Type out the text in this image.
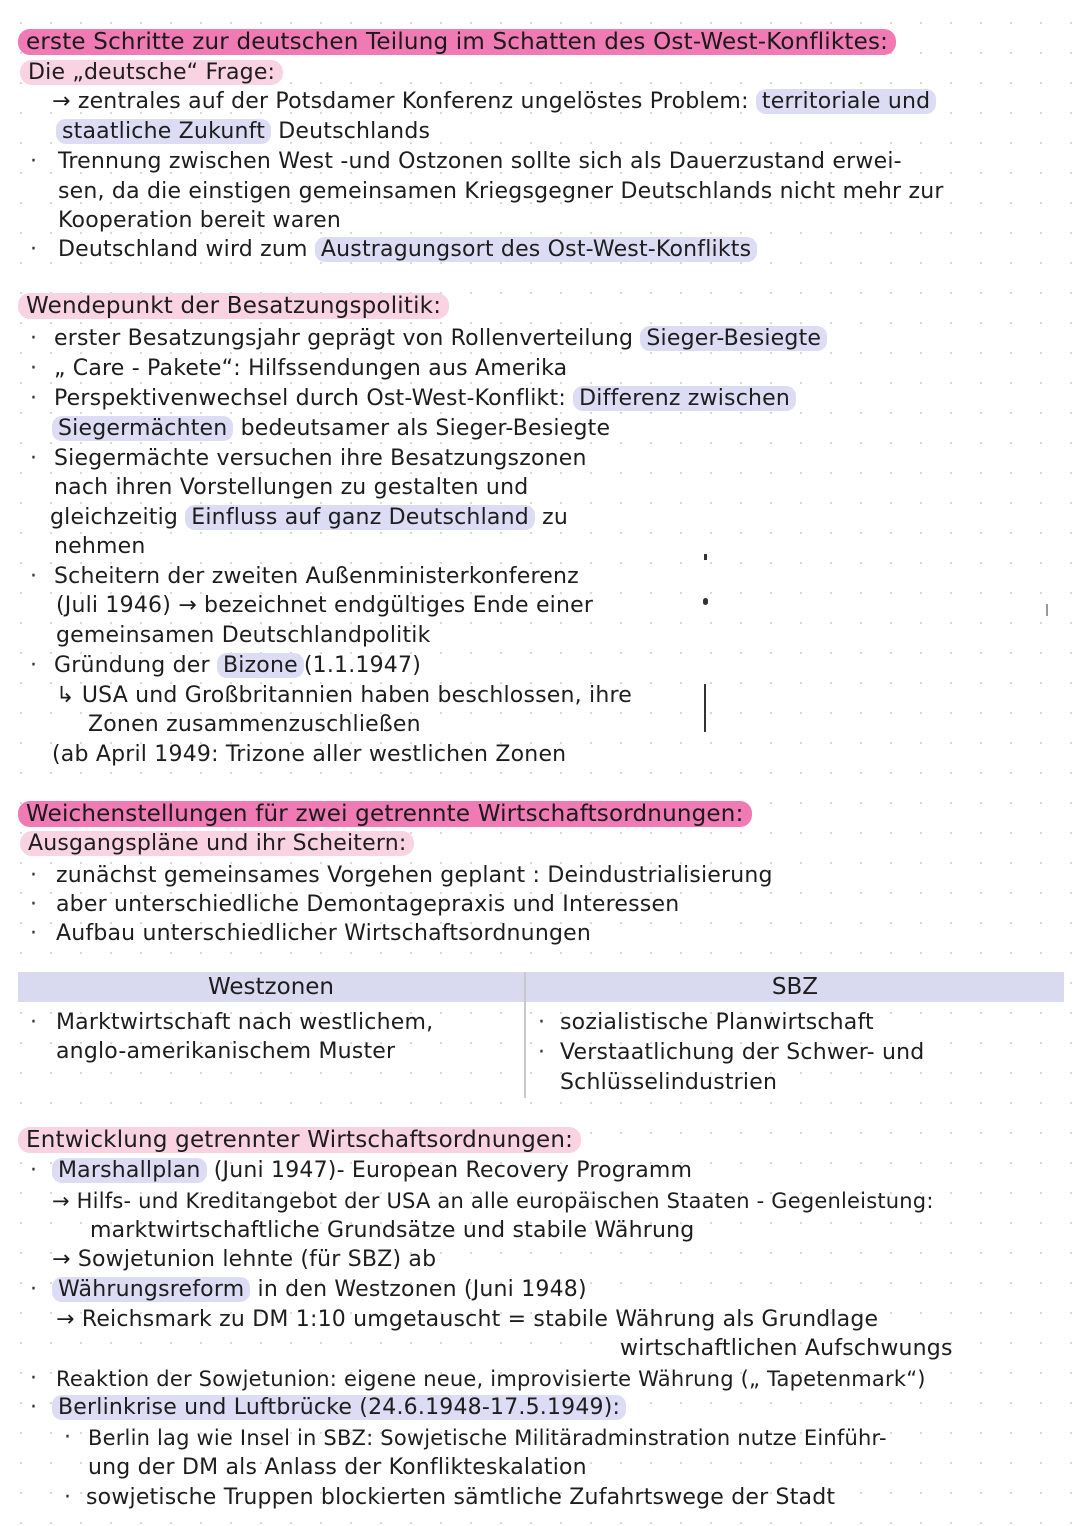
erste Schritte zur deutschen Teilung im Schatten des Ost-West-Konfliktes:
Die „deutsche“ Frage:
→ zentrales auf der Potsdamer Konferenz ungelöstes Problem: territoriale und
staatliche Zukunft Deutschlands
· Trennung zwischen West -und Ostzonen sollte sich als Dauerzustand erwei-
sen, da die einstigen gemeinsamen Kriegsgegner Deutschlands nicht mehr zur
Kooperation bereit waren
· Deutschland wird zum Austragungsort des Ost-West-Konflikts
Wendepunkt der Besatzungspolitik:
· erster Besatzungsjahr geprägt von Rollenverteilung Sieger-Besiegte
· „ Care - Pakete“: Hilfssendungen aus Amerika
· Perspektivenwechsel durch Ost-West-Konflikt: Differenz zwischen
Siegermächten bedeutsamer als Sieger-Besiegte
· Siegermächte versuchen ihre Besatzungszonen
nach ihren Vorstellungen zu gestalten und
gleichzeitig Einfluss auf ganz Deutschland zu
nehmen
· Scheitern der zweiten Außenministerkonferenz
(Juli 1946) → bezeichnet endgültiges Ende einer
gemeinsamen Deutschlandpolitik
· Gründung der Bizone (1.1.1947)
↳ USA und Großbritannien haben beschlossen, ihre
Zonen zusammenzuschließen
(ab April 1949: Trizone aller westlichen Zonen
Weichenstellungen für zwei getrennte Wirtschaftsordnungen:
Ausgangspläne und ihr Scheitern:
· zunächst gemeinsames Vorgehen geplant : Deindustrialisierung
· aber unterschiedliche Demontagepraxis und Interessen
· Aufbau unterschiedlicher Wirtschaftsordnungen
Westzonen	SBZ
· Marktwirtschaft nach westlichem,
anglo-amerikanischem Muster
· sozialistische Planwirtschaft
· Verstaatlichung der Schwer- und
Schlüsselindustrien
Entwicklung getrennter Wirtschaftsordnungen:
· Marshallplan (Juni 1947)- European Recovery Programm
→ Hilfs- und Kreditangebot der USA an alle europäischen Staaten - Gegenleistung:
marktwirtschaftliche Grundsätze und stabile Währung
→ Sowjetunion lehnte (für SBZ) ab
· Währungsreform in den Westzonen (Juni 1948)
→ Reichsmark zu DM 1:10 umgetauscht = stabile Währung als Grundlage
wirtschaftlichen Aufschwungs
· Reaktion der Sowjetunion: eigene neue, improvisierte Währung („ Tapetenmark“)
· Berlinkrise und Luftbrücke (24.6.1948-17.5.1949):
· Berlin lag wie Insel in SBZ: Sowjetische Militäradminstration nutze Einführ-
ung der DM als Anlass der Konflikteskalation
· sowjetische Truppen blockierten sämtliche Zufahrtswege der Stadt
